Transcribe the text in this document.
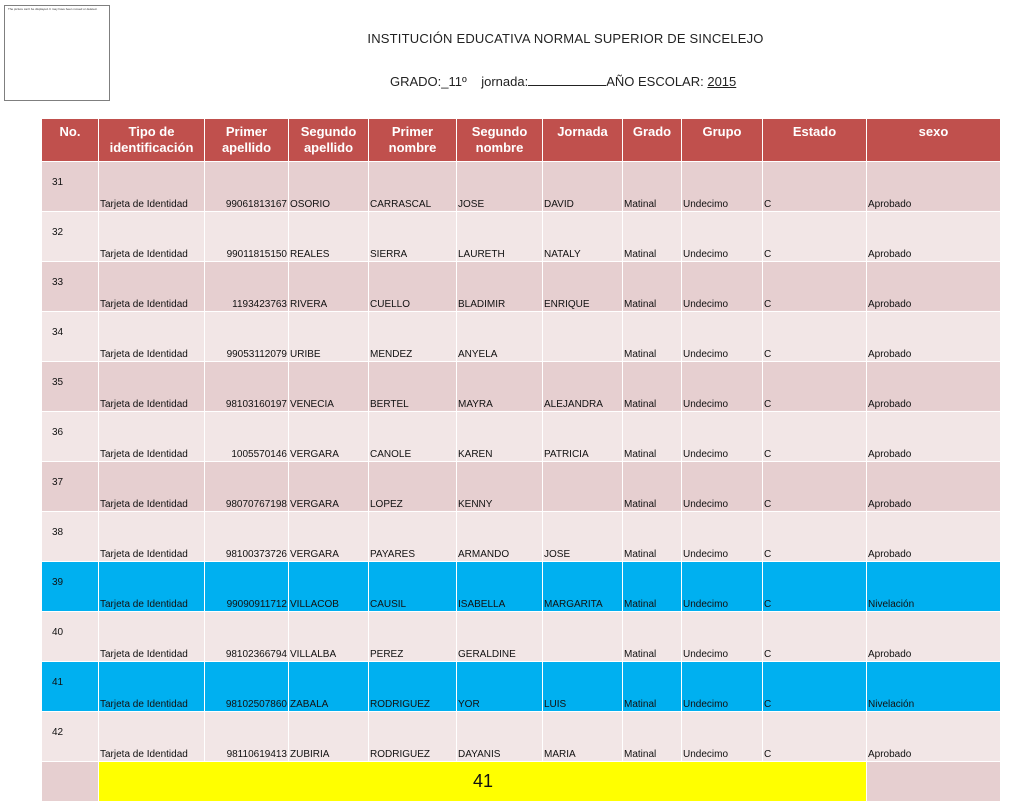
The picture can't be displayed. It may have been moved or deleted.
INSTITUCIÓN EDUCATIVA NORMAL SUPERIOR DE SINCELEJO
GRADO:_11º jornada:	AÑO ESCOLAR: 2015
No.	Tipo de identificación	Primer apellido	Segundo apellido	Primer nombre	Segundo nombre	Jornada	Grado	Grupo	Estado	sexo
31	Tarjeta de Identidad	99061813167	OSORIO	CARRASCAL	JOSE	DAVID	Matinal	Undecimo	C	Aprobado
32	Tarjeta de Identidad	99011815150	REALES	SIERRA	LAURETH	NATALY	Matinal	Undecimo	C	Aprobado
33	Tarjeta de Identidad	1193423763	RIVERA	CUELLO	BLADIMIR	ENRIQUE	Matinal	Undecimo	C	Aprobado
34	Tarjeta de Identidad	99053112079	URIBE	MENDEZ	ANYELA		Matinal	Undecimo	C	Aprobado
35	Tarjeta de Identidad	98103160197	VENECIA	BERTEL	MAYRA	ALEJANDRA	Matinal	Undecimo	C	Aprobado
36	Tarjeta de Identidad	1005570146	VERGARA	CANOLE	KAREN	PATRICIA	Matinal	Undecimo	C	Aprobado
37	Tarjeta de Identidad	98070767198	VERGARA	LOPEZ	KENNY		Matinal	Undecimo	C	Aprobado
38	Tarjeta de Identidad	98100373726	VERGARA	PAYARES	ARMANDO	JOSE	Matinal	Undecimo	C	Aprobado
39	Tarjeta de Identidad	99090911712	VILLACOB	CAUSIL	ISABELLA	MARGARITA	Matinal	Undecimo	C	Nivelación
40	Tarjeta de Identidad	98102366794	VILLALBA	PEREZ	GERALDINE		Matinal	Undecimo	C	Aprobado
41	Tarjeta de Identidad	98102507860	ZABALA	RODRIGUEZ	YOR	LUIS	Matinal	Undecimo	C	Nivelación
42	Tarjeta de Identidad	98110619413	ZUBIRIA	RODRIGUEZ	DAYANIS	MARIA	Matinal	Undecimo	C	Aprobado
	41									
